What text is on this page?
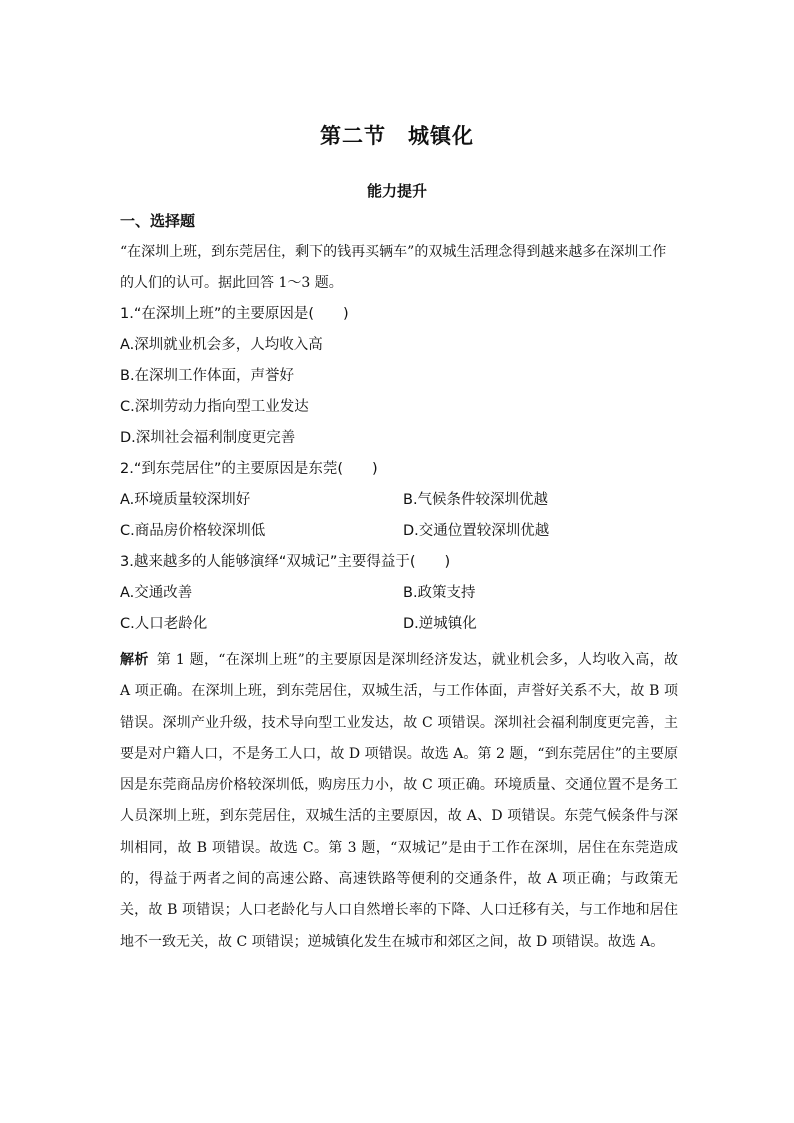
第二节　城镇化
能力提升
一、选择题
“在深圳上班，到东莞居住，剩下的钱再买辆车”的双城生活理念得到越来越多在深圳工作的人们的认可。据此回答 1～3 题。
1.“在深圳上班”的主要原因是(　　)
A.深圳就业机会多，人均收入高
B.在深圳工作体面，声誉好
C.深圳劳动力指向型工业发达
D.深圳社会福利制度更完善
2.“到东莞居住”的主要原因是东莞(　　)
A.环境质量较深圳好	B.气候条件较深圳优越
C.商品房价格较深圳低	D.交通位置较深圳优越
3.越来越多的人能够演绎“双城记”主要得益于(　　)
A.交通改善	B.政策支持
C.人口老龄化	D.逆城镇化
解析 第 1 题，“在深圳上班”的主要原因是深圳经济发达，就业机会多，人均收入高，故 A 项正确。在深圳上班，到东莞居住，双城生活，与工作体面，声誉好关系不大，故 B 项错误。深圳产业升级，技术导向型工业发达，故 C 项错误。深圳社会福利制度更完善，主要是对户籍人口，不是务工人口，故 D 项错误。故选 A。第 2 题，“到东莞居住”的主要原因是东莞商品房价格较深圳低，购房压力小，故 C 项正确。环境质量、交通位置不是务工人员深圳上班，到东莞居住，双城生活的主要原因，故 A、D 项错误。东莞气候条件与深圳相同，故 B 项错误。故选 C。第 3 题，“双城记”是由于工作在深圳，居住在东莞造成的，得益于两者之间的高速公路、高速铁路等便利的交通条件，故 A 项正确；与政策无关，故 B 项错误；人口老龄化与人口自然增长率的下降、人口迁移有关，与工作地和居住地不一致无关，故 C 项错误；逆城镇化发生在城市和郊区之间，故 D 项错误。故选 A。
